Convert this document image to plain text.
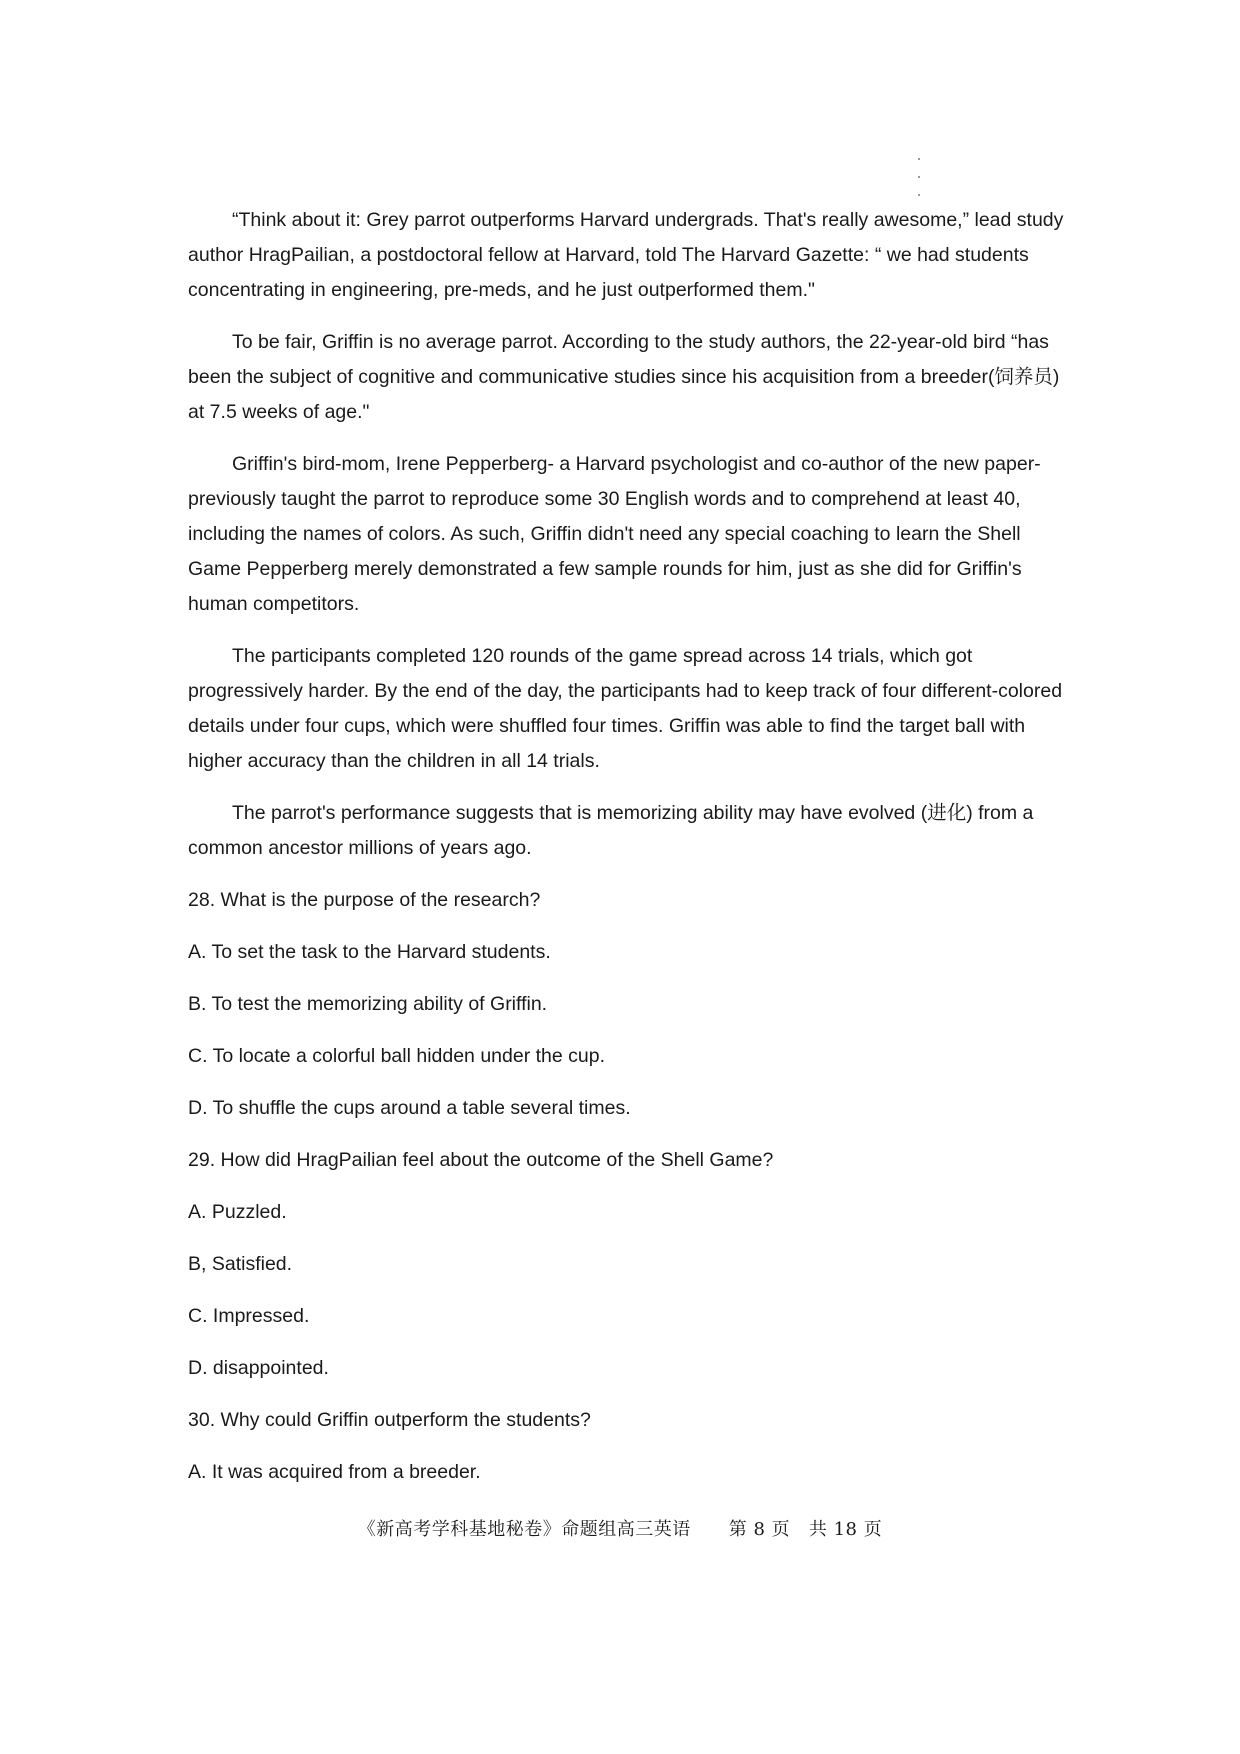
“Think about it: Grey parrot outperforms Harvard undergrads. That's really awesome,” lead study author HragPailian, a postdoctoral fellow at Harvard, told The Harvard Gazette: “ we had students concentrating in engineering, pre-meds, and he just outperformed them."

To be fair, Griffin is no average parrot. According to the study authors, the 22-year-old bird “has been the subject of cognitive and communicative studies since his acquisition from a breeder(饲养员) at 7.5 weeks of age."

Griffin's bird-mom, Irene Pepperberg- a Harvard psychologist and co-author of the new paper- previously taught the parrot to reproduce some 30 English words and to comprehend at least 40, including the names of colors. As such, Griffin didn't need any special coaching to learn the Shell Game Pepperberg merely demonstrated a few sample rounds for him, just as she did for Griffin's human competitors.

The participants completed 120 rounds of the game spread across 14 trials, which got progressively harder. By the end of the day, the participants had to keep track of four different-colored details under four cups, which were shuffled four times. Griffin was able to find the target ball with higher accuracy than the children in all 14 trials.

The parrot's performance suggests that is memorizing ability may have evolved (进化) from a common ancestor millions of years ago.

28. What is the purpose of the research?

A. To set the task to the Harvard students.

B. To test the memorizing ability of Griffin.

C. To locate a colorful ball hidden under the cup.

D. To shuffle the cups around a table several times.

29. How did HragPailian feel about the outcome of the Shell Game?

A. Puzzled.

B, Satisfied.

C. Impressed.

D. disappointed.

30. Why could Griffin outperform the students?

A. It was acquired from a breeder.

《新高考学科基地秘卷》命题组高三英语 第 8 页 共 18 页
